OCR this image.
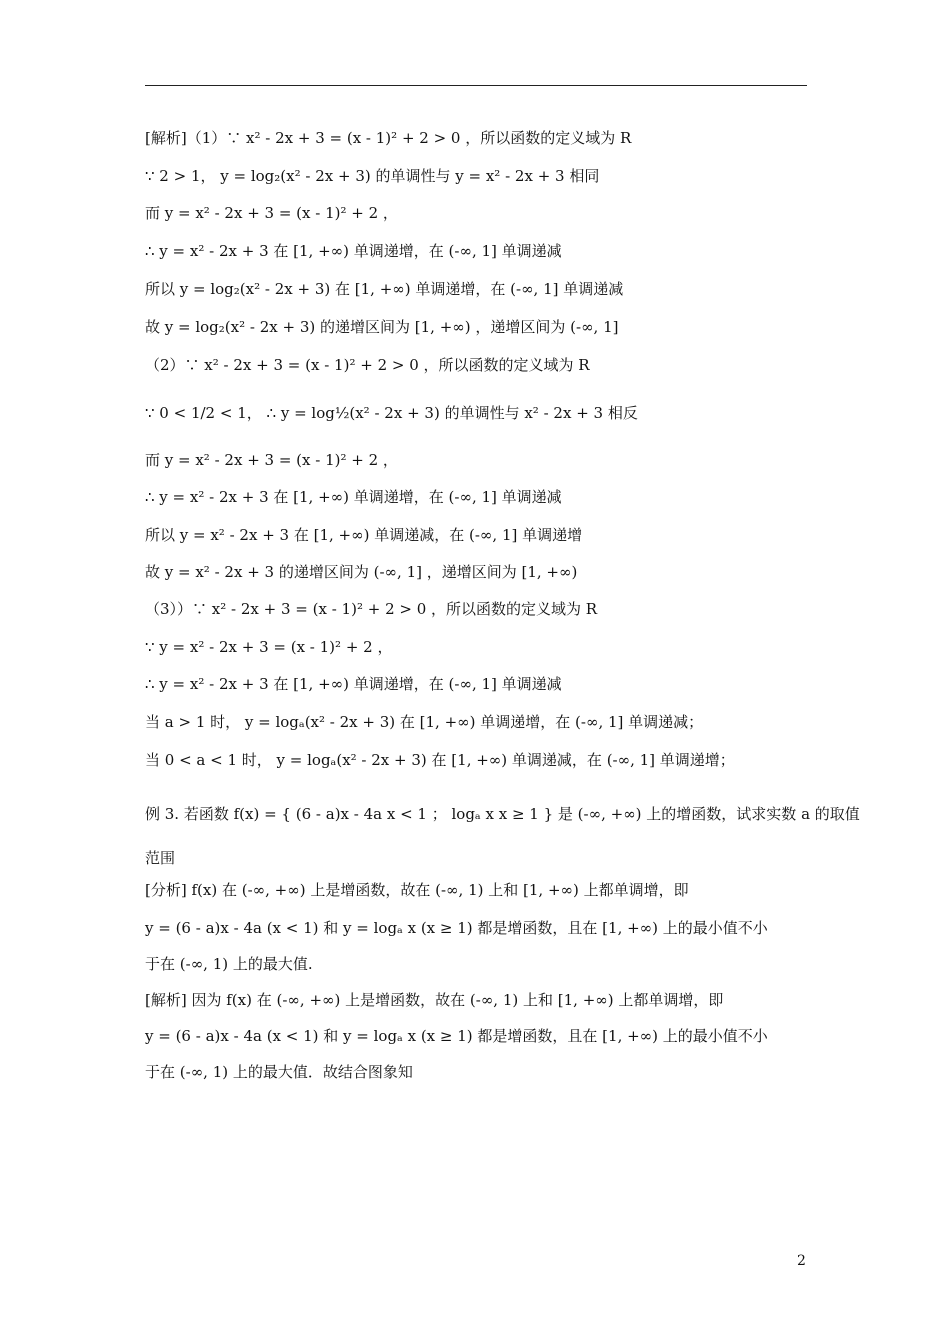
[解析]（1）∵ x² - 2x + 3 = (x - 1)² + 2 > 0 ，所以函数的定义域为 R
∵ 2 > 1， y = log₂(x² - 2x + 3) 的单调性与 y = x² - 2x + 3 相同
而 y = x² - 2x + 3 = (x - 1)² + 2 ，
∴ y = x² - 2x + 3 在 [1, +∞) 单调递增，在 (-∞, 1] 单调递减
所以 y = log₂(x² - 2x + 3) 在 [1, +∞) 单调递增，在 (-∞, 1] 单调递减
故 y = log₂(x² - 2x + 3) 的递增区间为 [1, +∞) ，递增区间为 (-∞, 1]
（2）∵ x² - 2x + 3 = (x - 1)² + 2 > 0 ，所以函数的定义域为 R
∵ 0 < 1/2 < 1， ∴ y = log½(x² - 2x + 3) 的单调性与 x² - 2x + 3 相反
而 y = x² - 2x + 3 = (x - 1)² + 2 ，
∴ y = x² - 2x + 3 在 [1, +∞) 单调递增，在 (-∞, 1] 单调递减
所以 y = x² - 2x + 3 在 [1, +∞) 单调递减，在 (-∞, 1] 单调递增
故 y = x² - 2x + 3 的递增区间为 (-∞, 1] ，递增区间为 [1, +∞)
（3））∵ x² - 2x + 3 = (x - 1)² + 2 > 0 ，所以函数的定义域为 R
∵ y = x² - 2x + 3 = (x - 1)² + 2 ，
∴ y = x² - 2x + 3 在 [1, +∞) 单调递增，在 (-∞, 1] 单调递减
当 a > 1 时， y = logₐ(x² - 2x + 3) 在 [1, +∞) 单调递增，在 (-∞, 1] 单调递减；
当 0 < a < 1 时， y = logₐ(x² - 2x + 3) 在 [1, +∞) 单调递减，在 (-∞, 1] 单调递增；
例 3. 若函数 f(x) = { (6 - a)x - 4a x < 1 ； logₐ x x ≥ 1 } 是 (-∞, +∞) 上的增函数，试求实数 a 的取值
范围
[分析] f(x) 在 (-∞, +∞) 上是增函数，故在 (-∞, 1) 上和 [1, +∞) 上都单调增，即
y = (6 - a)x - 4a (x < 1) 和 y = logₐ x (x ≥ 1) 都是增函数，且在 [1, +∞) 上的最小值不小
于在 (-∞, 1) 上的最大值.
[解析] 因为 f(x) 在 (-∞, +∞) 上是增函数，故在 (-∞, 1) 上和 [1, +∞) 上都单调增，即
y = (6 - a)x - 4a (x < 1) 和 y = logₐ x (x ≥ 1) 都是增函数，且在 [1, +∞) 上的最小值不小
于在 (-∞, 1) 上的最大值．故结合图象知
2
